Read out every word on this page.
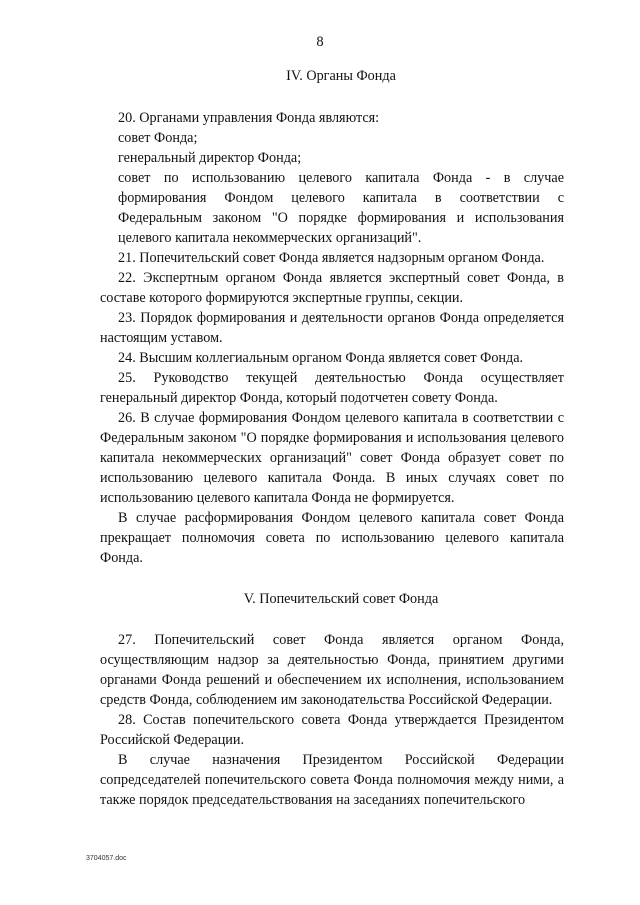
8
IV. Органы Фонда

20. Органами управления Фонда являются:

совет Фонда;

генеральный директор Фонда;

совет по использованию целевого капитала Фонда - в случае формирования Фондом целевого капитала в соответствии с Федеральным законом "О порядке формирования и использования целевого капитала некоммерческих организаций".

21. Попечительский совет Фонда является надзорным органом Фонда.

22. Экспертным органом Фонда является экспертный совет Фонда, в составе которого формируются экспертные группы, секции.

23. Порядок формирования и деятельности органов Фонда определяется настоящим уставом.

24. Высшим коллегиальным органом Фонда является совет Фонда.

25. Руководство текущей деятельностью Фонда осуществляет генеральный директор Фонда, который подотчетен совету Фонда.

26. В случае формирования Фондом целевого капитала в соответствии с Федеральным законом "О порядке формирования и использования целевого капитала некоммерческих организаций" совет Фонда образует совет по использованию целевого капитала Фонда. В иных случаях совет по использованию целевого капитала Фонда не формируется.

В случае расформирования Фондом целевого капитала совет Фонда прекращает полномочия совета по использованию целевого капитала Фонда.

V. Попечительский совет Фонда

27. Попечительский совет Фонда является органом Фонда, осуществляющим надзор за деятельностью Фонда, принятием другими органами Фонда решений и обеспечением их исполнения, использованием средств Фонда, соблюдением им законодательства Российской Федерации.

28. Состав попечительского совета Фонда утверждается Президентом Российской Федерации.

В случае назначения Президентом Российской Федерации сопредседателей попечительского совета Фонда полномочия между ними, а также порядок председательствования на заседаниях попечительского

3704057.doc
